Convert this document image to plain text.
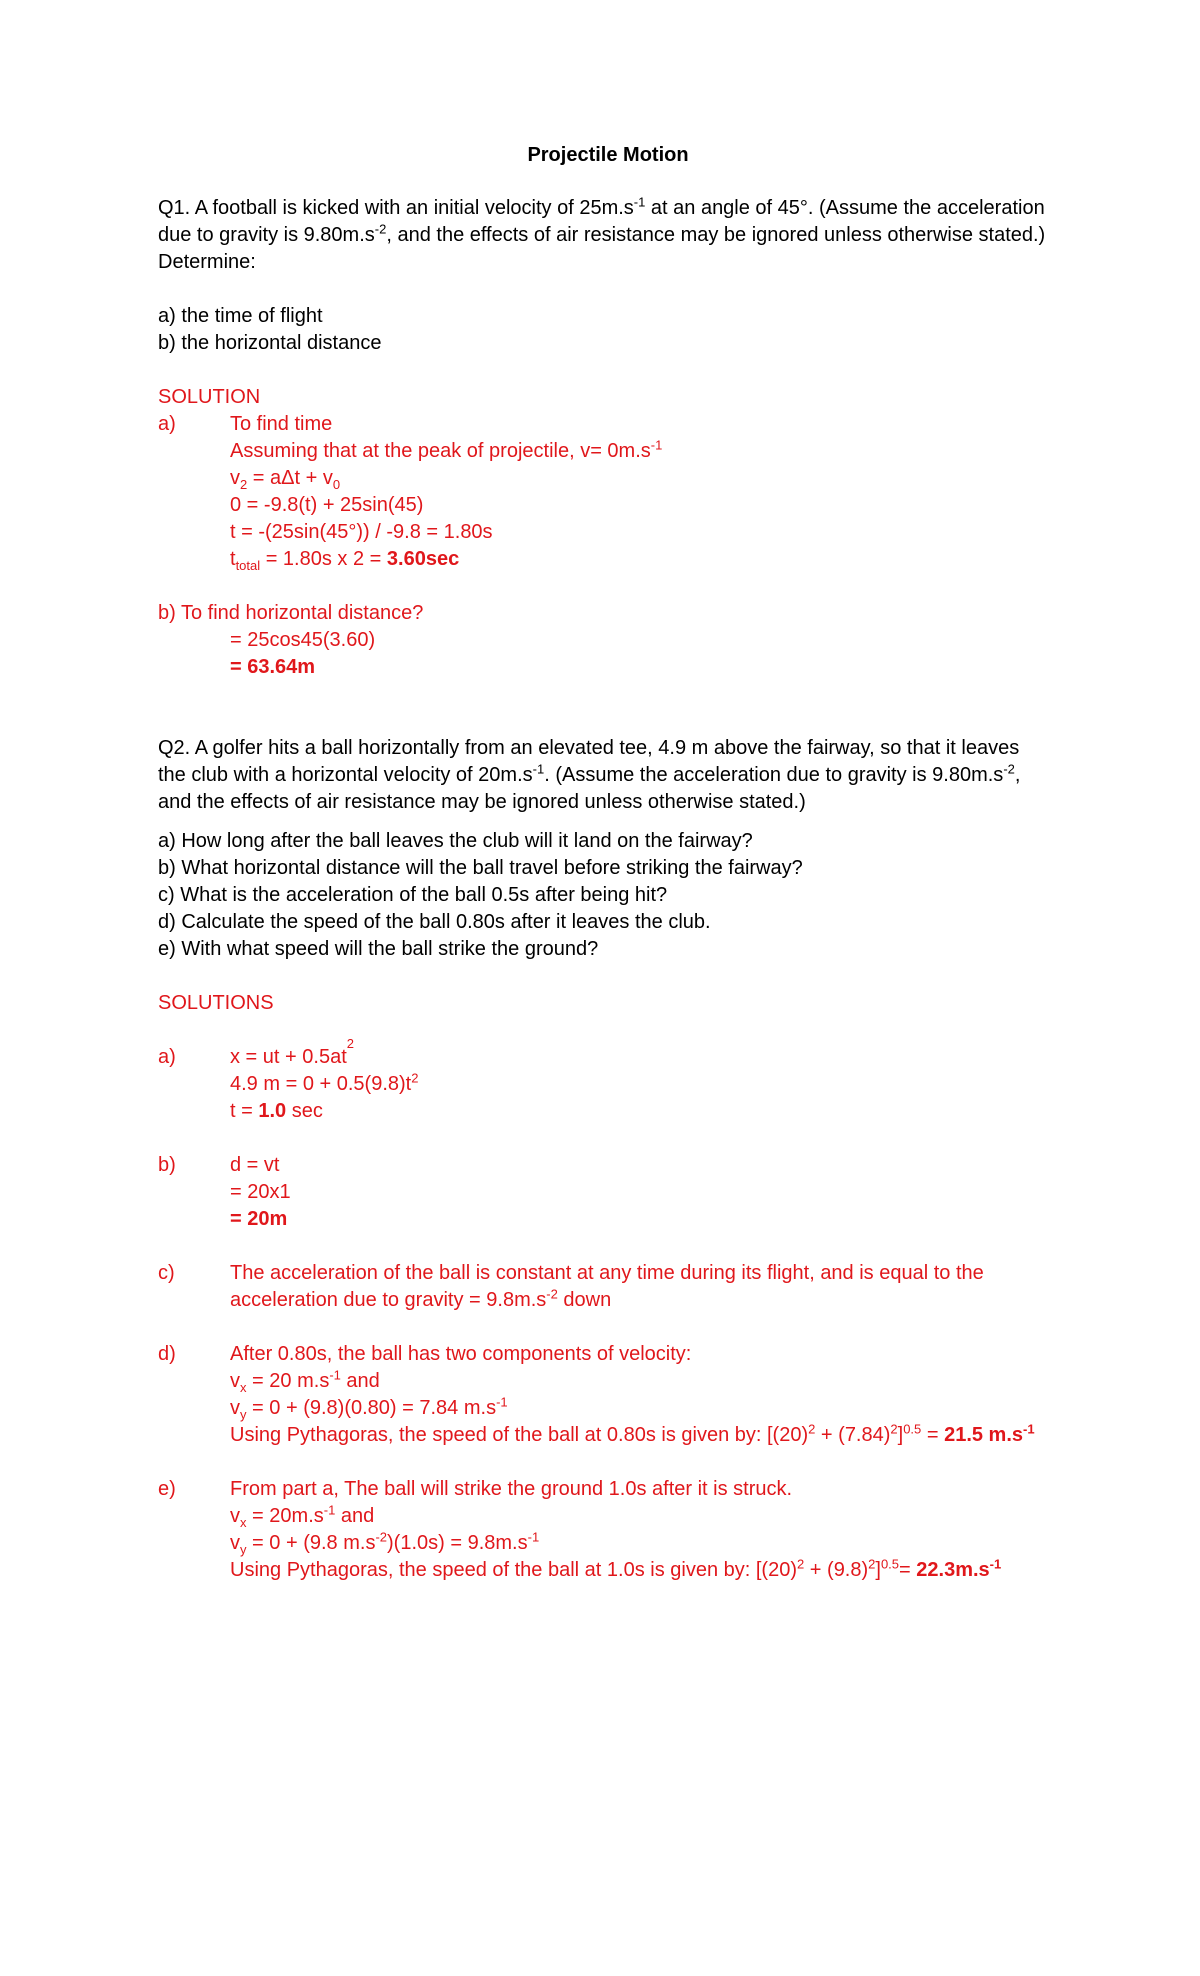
Projectile Motion
Q1. A football is kicked with an initial velocity of $25m.s^{-1}$ at an angle of 45°. (Assume the acceleration
due to gravity is $9.80m.s^{-2}$, and the effects of air resistance may be ignored unless otherwise stated.)
Determine:
a) the time of flight
b) the horizontal distance
SOLUTION
a)	To find time
Assuming that at the peak of projectile, $v= 0m.s^{-1}$
$v_2 = a\Delta t + v_0$
0 = -9.8(t) + 25sin(45)
t = -(25sin(45°)) / -9.8 = 1.80s
$t_{total} = 1.80s$ x 2 = 3.60sec
b) To find horizontal distance?
= 25cos45(3.60)
= 63.64m
Q2. A golfer hits a ball horizontally from an elevated tee, 4.9 m above the fairway, so that it leaves
the club with a horizontal velocity of $20m.s^{-1}$. (Assume the acceleration due to gravity is $9.80m.s^{-2}$,
and the effects of air resistance may be ignored unless otherwise stated.)
a) How long after the ball leaves the club will it land on the fairway?
b) What horizontal distance will the ball travel before striking the fairway?
c) What is the acceleration of the ball 0.5s after being hit?
d) Calculate the speed of the ball 0.80s after it leaves the club.
e) With what speed will the ball strike the ground?
SOLUTIONS
a)	x = ut + 0.5at
2
4.9 $m = 0 + 0.5(9.8)t^2$
t = 1.0 sec
b)	d = vt
= 20x1
= 20m
c)	The acceleration of the ball is constant at any time during its flight, and is equal to the
acceleration due to gravity = $9.8m.s^{-2}$ down
d)	After 0.80s, the ball has two components of velocity:
$v_x = 20$ $m.s^{-1}$ and
$v_y = 0 + (9.8)(0.80) = 7.84$ $m.s^{-1}$
Using Pythagoras, the speed of the ball at 0.80s is given by: $[(20)^2 + (7.84)^2]^{0.5} = 21.5$ $m.s^{-1}$
e)	From part a, The ball will strike the ground 1.0s after it is struck.
$v_x = 20m.s^{-1}$ and
$v_y = 0 + (9.8$ $m.s^{-2})(1.0s) = 9.8m.s^{-1}$
Using Pythagoras, the speed of the ball at 1.0s is given by: $[(20)^2 + (9.8)^2]^{0.5}= 22.3m.s^{-1}$
